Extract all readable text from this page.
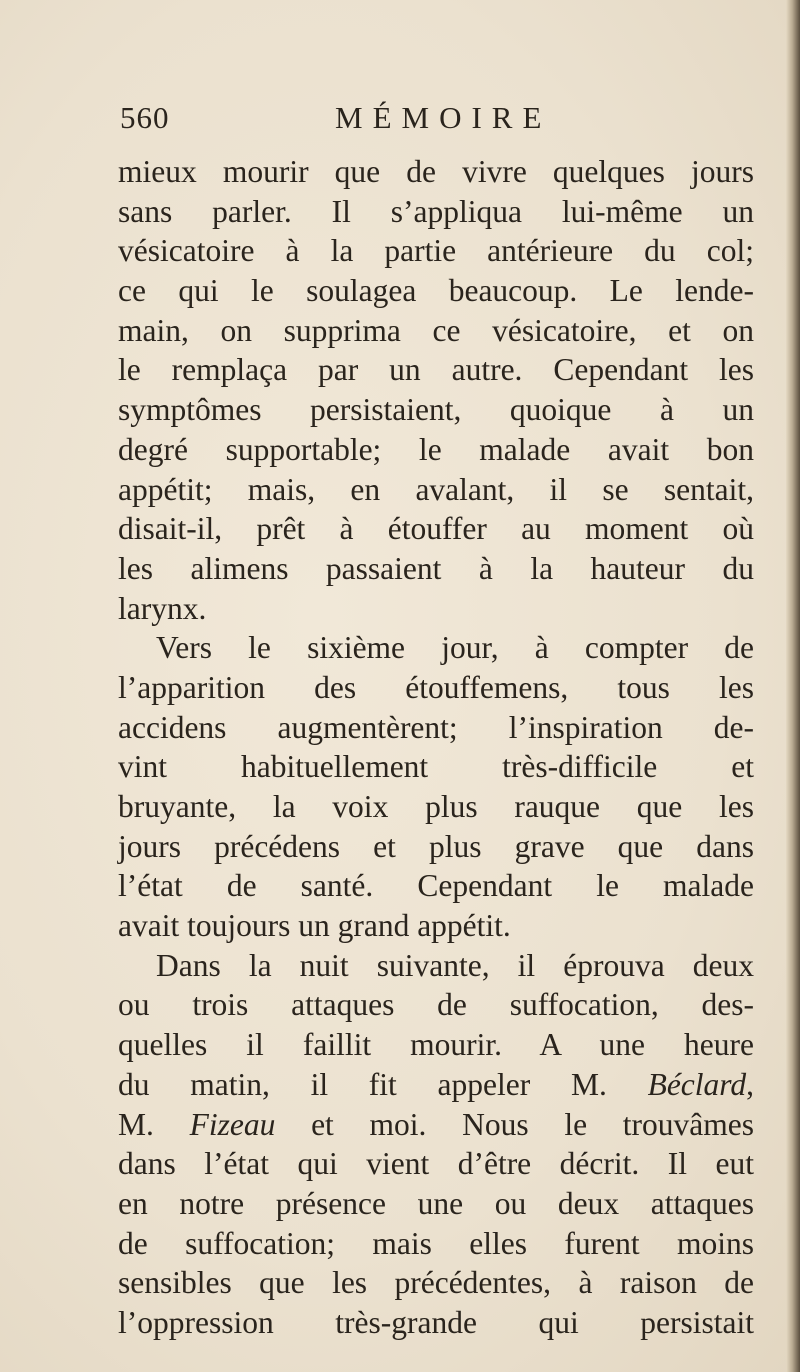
560	MÉMOIRE
mieux mourir que de vivre quelques jours
sans parler. Il s’appliqua lui-même un
vésicatoire à la partie antérieure du col;
ce qui le soulagea beaucoup. Le lende-
main, on supprima ce vésicatoire, et on
le remplaça par un autre. Cependant les
symptômes persistaient, quoique à un
degré supportable; le malade avait bon
appétit; mais, en avalant, il se sentait,
disait-il, prêt à étouffer au moment où
les alimens passaient à la hauteur du
larynx.
Vers le sixième jour, à compter de
l’apparition des étouffemens, tous les
accidens augmentèrent; l’inspiration de-
vint habituellement très-difficile et
bruyante, la voix plus rauque que les
jours précédens et plus grave que dans
l’état de santé. Cependant le malade
avait toujours un grand appétit.
Dans la nuit suivante, il éprouva deux
ou trois attaques de suffocation, des-
quelles il faillit mourir. A une heure
du matin, il fit appeler M. Béclard,
M. Fizeau et moi. Nous le trouvâmes
dans l’état qui vient d’être décrit. Il eut
en notre présence une ou deux attaques
de suffocation; mais elles furent moins
sensibles que les précédentes, à raison de
l’oppression très-grande qui persistait
